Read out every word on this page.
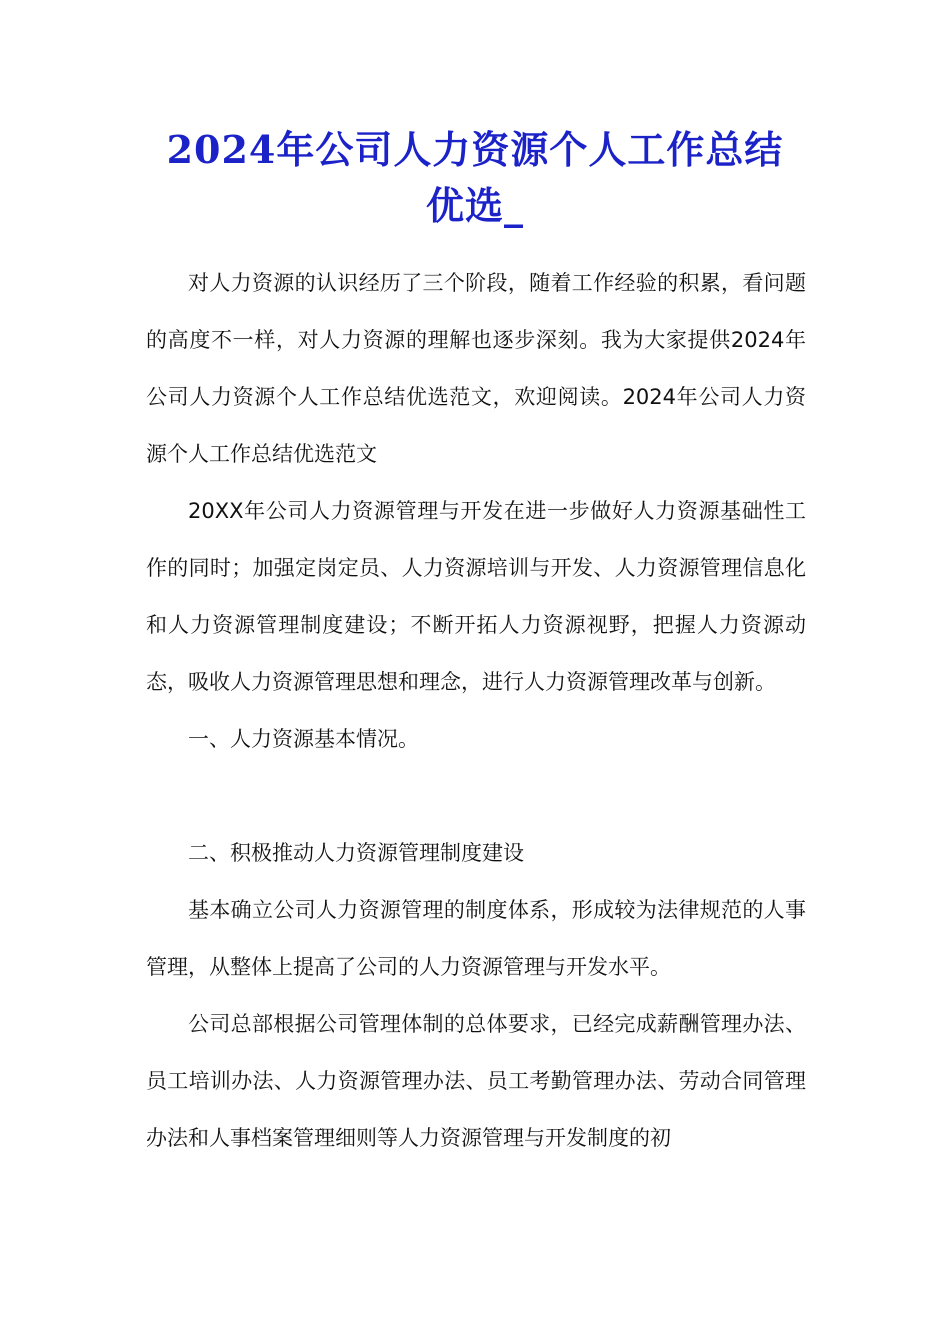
2024年公司人力资源个人工作总结
优选_

对人力资源的认识经历了三个阶段，随着工作经验的积累，看问题的高度不一样，对人力资源的理解也逐步深刻。我为大家提供2024年公司人力资源个人工作总结优选范文，欢迎阅读。2024年公司人力资源个人工作总结优选范文

20XX年公司人力资源管理与开发在进一步做好人力资源基础性工作的同时；加强定岗定员、人力资源培训与开发、人力资源管理信息化和人力资源管理制度建设；不断开拓人力资源视野，把握人力资源动态，吸收人力资源管理思想和理念，进行人力资源管理改革与创新。

一、人力资源基本情况。

二、积极推动人力资源管理制度建设

基本确立公司人力资源管理的制度体系，形成较为法律规范的人事管理，从整体上提高了公司的人力资源管理与开发水平。

公司总部根据公司管理体制的总体要求，已经完成薪酬管理办法、员工培训办法、人力资源管理办法、员工考勤管理办法、劳动合同管理办法和人事档案管理细则等人力资源管理与开发制度的初
